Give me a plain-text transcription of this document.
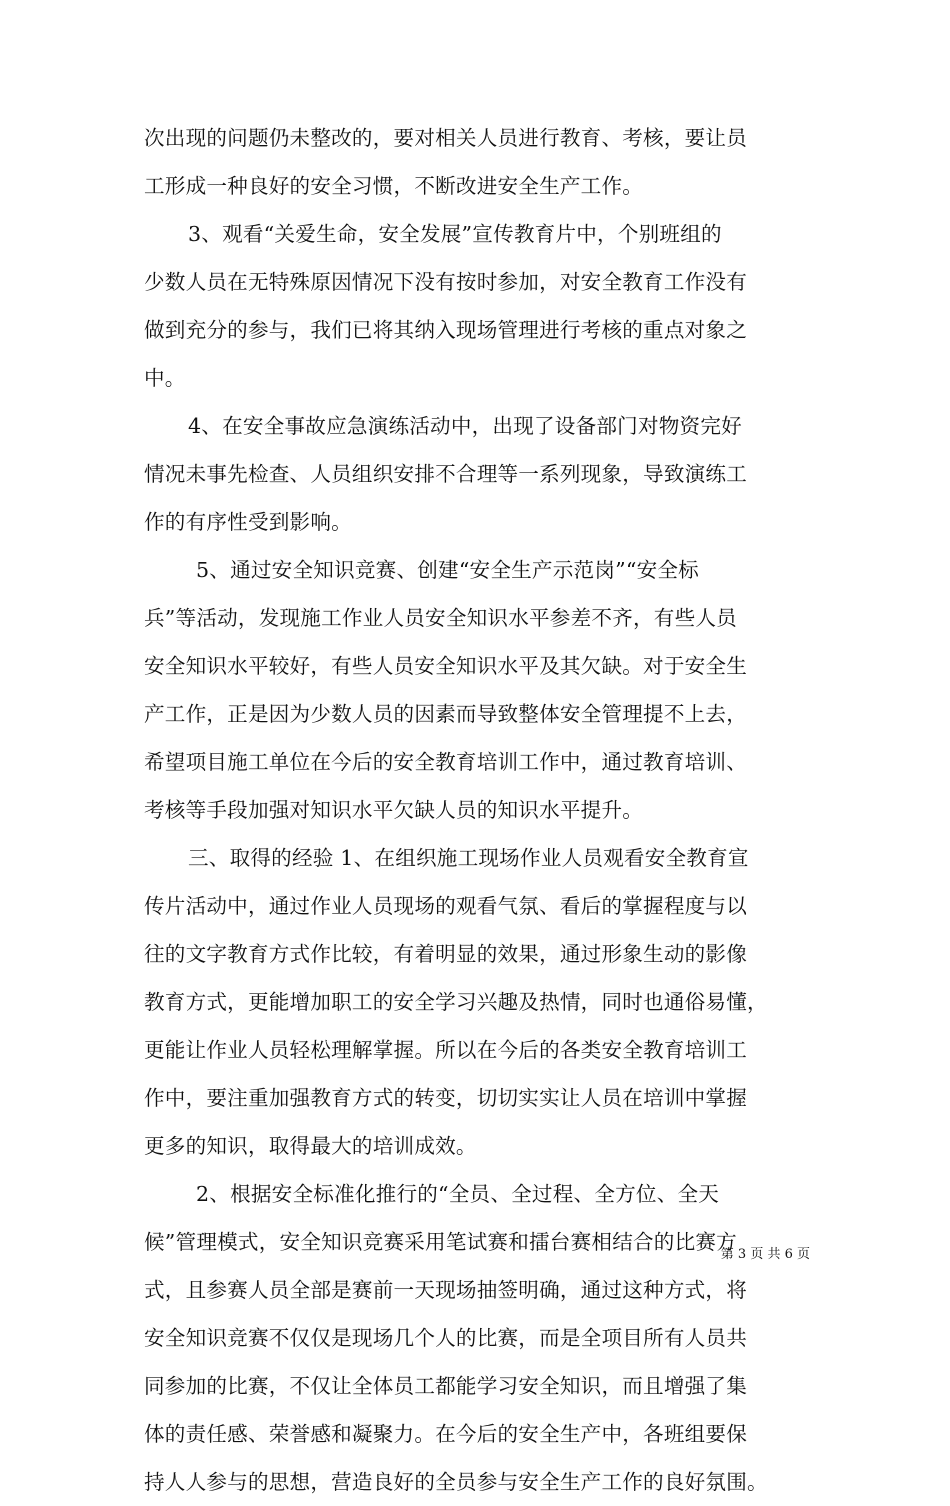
次出现的问题仍未整改的，要对相关人员进行教育、考核，要让员
工形成一种良好的安全习惯，不断改进安全生产工作。
3、观看“关爱生命，安全发展”宣传教育片中，个别班组的
少数人员在无特殊原因情况下没有按时参加，对安全教育工作没有
做到充分的参与，我们已将其纳入现场管理进行考核的重点对象之
中。
4、在安全事故应急演练活动中，出现了设备部门对物资完好
情况未事先检查、人员组织安排不合理等一系列现象，导致演练工
作的有序性受到影响。
5、通过安全知识竞赛、创建“安全生产示范岗”“安全标
兵”等活动，发现施工作业人员安全知识水平参差不齐，有些人员
安全知识水平较好，有些人员安全知识水平及其欠缺。对于安全生
产工作，正是因为少数人员的因素而导致整体安全管理提不上去，
希望项目施工单位在今后的安全教育培训工作中，通过教育培训、
考核等手段加强对知识水平欠缺人员的知识水平提升。
三、取得的经验 1、在组织施工现场作业人员观看安全教育宣
传片活动中，通过作业人员现场的观看气氛、看后的掌握程度与以
往的文字教育方式作比较，有着明显的效果，通过形象生动的影像
教育方式，更能增加职工的安全学习兴趣及热情，同时也通俗易懂，
更能让作业人员轻松理解掌握。所以在今后的各类安全教育培训工
作中，要注重加强教育方式的转变，切切实实让人员在培训中掌握
更多的知识，取得最大的培训成效。
2、根据安全标准化推行的“全员、全过程、全方位、全天
候”管理模式，安全知识竞赛采用笔试赛和擂台赛相结合的比赛方
式，且参赛人员全部是赛前一天现场抽签明确，通过这种方式，将
安全知识竞赛不仅仅是现场几个人的比赛，而是全项目所有人员共
同参加的比赛，不仅让全体员工都能学习安全知识，而且增强了集
体的责任感、荣誉感和凝聚力。在今后的安全生产中，各班组要保
持人人参与的思想，营造良好的全员参与安全生产工作的良好氛围。
第 3 页 共 6 页
